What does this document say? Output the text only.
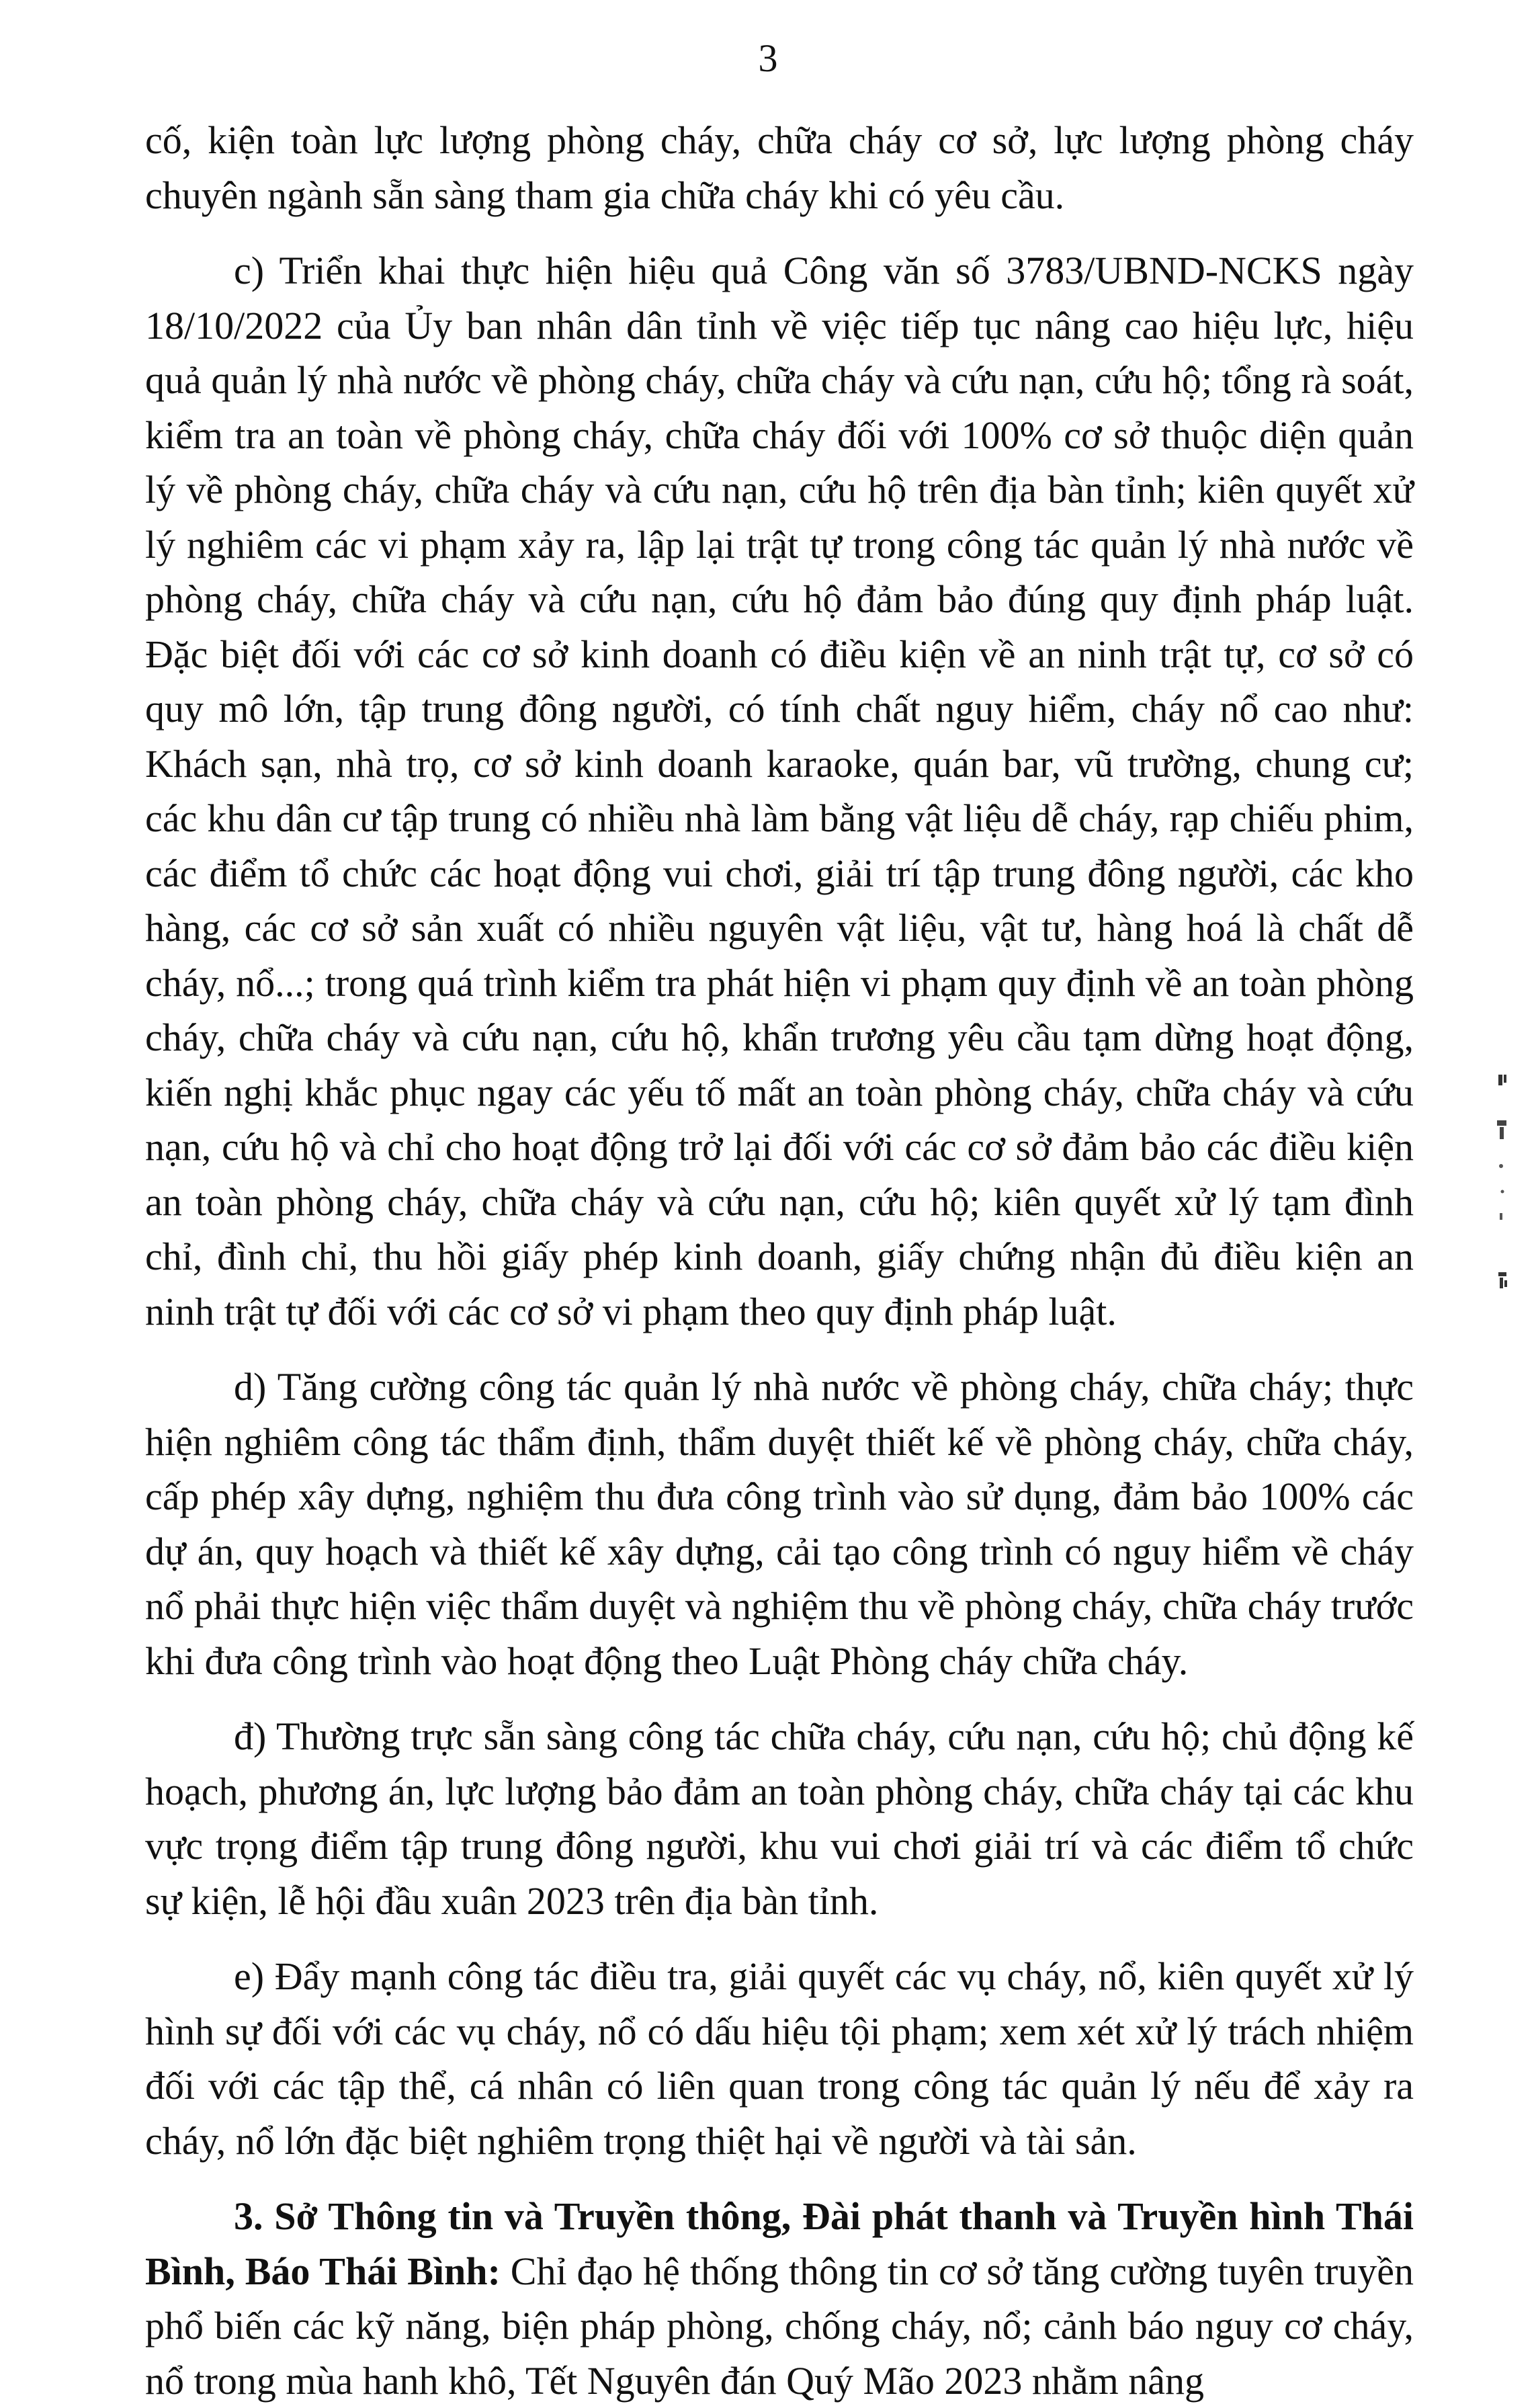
3

cố, kiện toàn lực lượng phòng cháy, chữa cháy cơ sở, lực lượng phòng cháy chuyên ngành sẵn sàng tham gia chữa cháy khi có yêu cầu.

c) Triển khai thực hiện hiệu quả Công văn số 3783/UBND-NCKS ngày 18/10/2022 của Ủy ban nhân dân tỉnh về việc tiếp tục nâng cao hiệu lực, hiệu quả quản lý nhà nước về phòng cháy, chữa cháy và cứu nạn, cứu hộ; tổng rà soát, kiểm tra an toàn về phòng cháy, chữa cháy đối với 100% cơ sở thuộc diện quản lý về phòng cháy, chữa cháy và cứu nạn, cứu hộ trên địa bàn tỉnh; kiên quyết xử lý nghiêm các vi phạm xảy ra, lập lại trật tự trong công tác quản lý nhà nước về phòng cháy, chữa cháy và cứu nạn, cứu hộ đảm bảo đúng quy định pháp luật. Đặc biệt đối với các cơ sở kinh doanh có điều kiện về an ninh trật tự, cơ sở có quy mô lớn, tập trung đông người, có tính chất nguy hiểm, cháy nổ cao như: Khách sạn, nhà trọ, cơ sở kinh doanh karaoke, quán bar, vũ trường, chung cư; các khu dân cư tập trung có nhiều nhà làm bằng vật liệu dễ cháy, rạp chiếu phim, các điểm tổ chức các hoạt động vui chơi, giải trí tập trung đông người, các kho hàng, các cơ sở sản xuất có nhiều nguyên vật liệu, vật tư, hàng hoá là chất dễ cháy, nổ...; trong quá trình kiểm tra phát hiện vi phạm quy định về an toàn phòng cháy, chữa cháy và cứu nạn, cứu hộ, khẩn trương yêu cầu tạm dừng hoạt động, kiến nghị khắc phục ngay các yếu tố mất an toàn phòng cháy, chữa cháy và cứu nạn, cứu hộ và chỉ cho hoạt động trở lại đối với các cơ sở đảm bảo các điều kiện an toàn phòng cháy, chữa cháy và cứu nạn, cứu hộ; kiên quyết xử lý tạm đình chỉ, đình chỉ, thu hồi giấy phép kinh doanh, giấy chứng nhận đủ điều kiện an ninh trật tự đối với các cơ sở vi phạm theo quy định pháp luật.

d) Tăng cường công tác quản lý nhà nước về phòng cháy, chữa cháy; thực hiện nghiêm công tác thẩm định, thẩm duyệt thiết kế về phòng cháy, chữa cháy, cấp phép xây dựng, nghiệm thu đưa công trình vào sử dụng, đảm bảo 100% các dự án, quy hoạch và thiết kế xây dựng, cải tạo công trình có nguy hiểm về cháy nổ phải thực hiện việc thẩm duyệt và nghiệm thu về phòng cháy, chữa cháy trước khi đưa công trình vào hoạt động theo Luật Phòng cháy chữa cháy.

đ) Thường trực sẵn sàng công tác chữa cháy, cứu nạn, cứu hộ; chủ động kế hoạch, phương án, lực lượng bảo đảm an toàn phòng cháy, chữa cháy tại các khu vực trọng điểm tập trung đông người, khu vui chơi giải trí và các điểm tổ chức sự kiện, lễ hội đầu xuân 2023 trên địa bàn tỉnh.

e) Đẩy mạnh công tác điều tra, giải quyết các vụ cháy, nổ, kiên quyết xử lý hình sự đối với các vụ cháy, nổ có dấu hiệu tội phạm; xem xét xử lý trách nhiệm đối với các tập thể, cá nhân có liên quan trong công tác quản lý nếu để xảy ra cháy, nổ lớn đặc biệt nghiêm trọng thiệt hại về người và tài sản.

3. Sở Thông tin và Truyền thông, Đài phát thanh và Truyền hình Thái Bình, Báo Thái Bình: Chỉ đạo hệ thống thông tin cơ sở tăng cường tuyên truyền phổ biến các kỹ năng, biện pháp phòng, chống cháy, nổ; cảnh báo nguy cơ cháy, nổ trong mùa hanh khô, Tết Nguyên đán Quý Mão 2023 nhằm nâng
